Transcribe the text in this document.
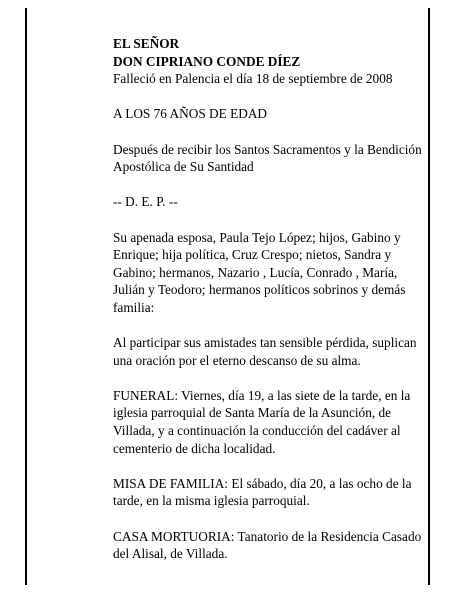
EL SEÑOR

DON CIPRIANO CONDE DÍEZ

Falleció en Palencia el día 18 de septiembre de 2008

A LOS 76 AÑOS DE EDAD

Después de recibir los Santos Sacramentos y la Bendición Apostólica de Su Santidad

-- D. E. P. --

Su apenada esposa, Paula Tejo López; hijos, Gabino y Enrique; hija política, Cruz Crespo; nietos, Sandra y Gabino; hermanos, Nazario , Lucía, Conrado , María, Julián y Teodoro; hermanos políticos sobrinos y demás familia:

Al participar sus amistades tan sensible pérdida, suplican una oración por el eterno descanso de su alma.

FUNERAL: Viernes, día 19, a las siete de la tarde, en la iglesia parroquial de Santa María de la Asunción, de Villada, y a continuación la conducción del cadáver al cementerio de dicha localidad.

MISA DE FAMILIA: El sábado, día 20, a las ocho de la tarde, en la misma iglesia parroquial.

CASA MORTUORIA: Tanatorio de la Residencia Casado del Alisal, de Villada.
